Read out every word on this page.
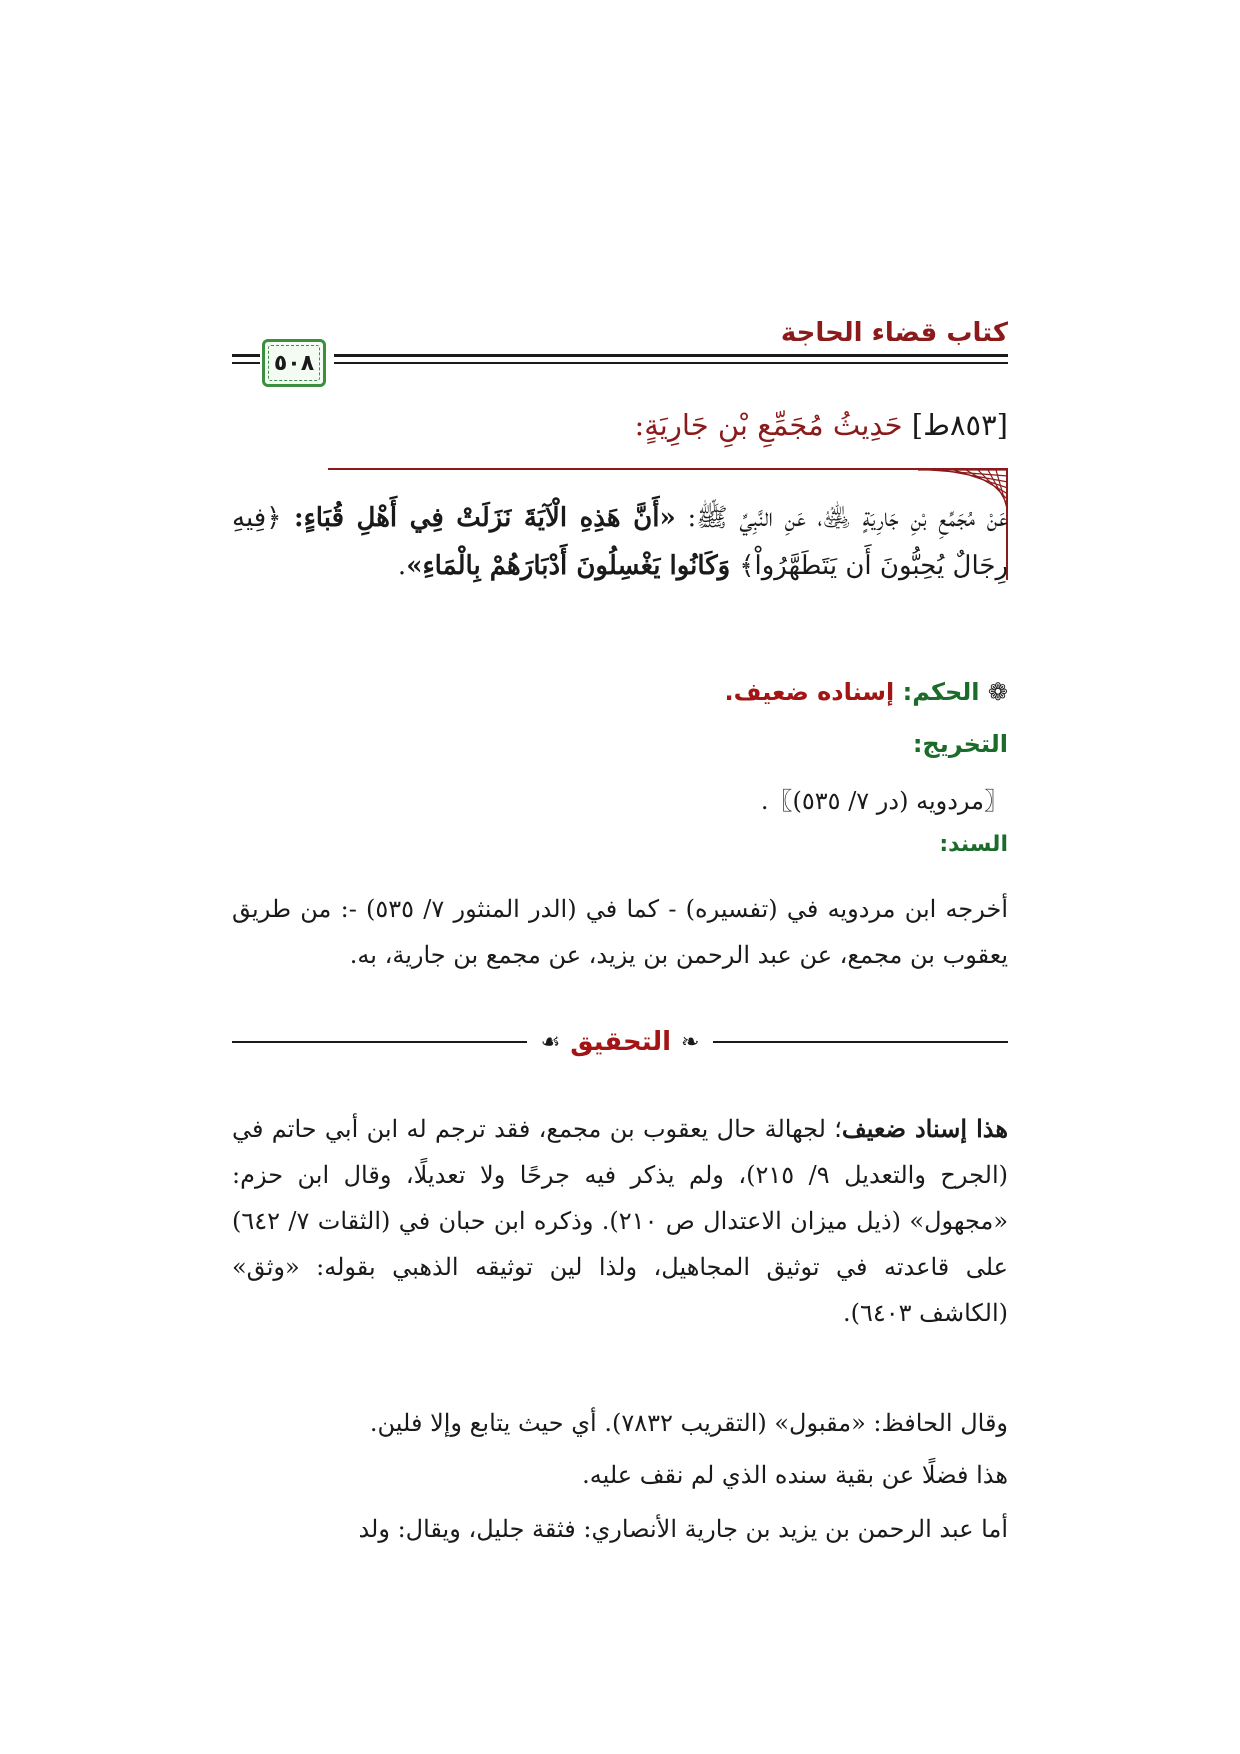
كتاب قضاء الحاجة
٥٠٨
[٨٥٣ط] حَدِيثُ مُجَمِّعِ بْنِ جَارِيَةٍ:
عَنْ مُجَمِّعِ بْنِ جَارِيَةٍ ﵁، عَنِ النَّبِيِّ ﷺ: «أَنَّ هَذِهِ الْآيَةَ نَزَلَتْ فِي أَهْلِ قُبَاءٍ: ﴿فِيهِ رِجَالٌ يُحِبُّونَ أَن يَتَطَهَّرُواْ﴾ وَكَانُوا يَغْسِلُونَ أَدْبَارَهُمْ بِالْمَاءِ».
❁ الحكم: إسناده ضعيف.
التخريج:
〖مردويه (در ٧/ ٥٣٥)〗.
السند:
أخرجه ابن مردويه في (تفسيره) - كما في (الدر المنثور ٧/ ٥٣٥) -: من طريق يعقوب بن مجمع، عن عبد الرحمن بن يزيد، عن مجمع بن جارية، به.
❧
التحقيق
☙
هذا إسناد ضعيف؛ لجهالة حال يعقوب بن مجمع، فقد ترجم له ابن أبي حاتم في (الجرح والتعديل ٩/ ٢١٥)، ولم يذكر فيه جرحًا ولا تعديلًا، وقال ابن حزم: «مجهول» (ذيل ميزان الاعتدال ص ٢١٠). وذكره ابن حبان في (الثقات ٧/ ٦٤٢) على قاعدته في توثيق المجاهيل، ولذا لين توثيقه الذهبي بقوله: «وثق» (الكاشف ٦٤٠٣).
وقال الحافظ: «مقبول» (التقريب ٧٨٣٢). أي حيث يتابع وإلا فلين.
هذا فضلًا عن بقية سنده الذي لم نقف عليه.
أما عبد الرحمن بن يزيد بن جارية الأنصاري: فثقة جليل، ويقال: ولد
